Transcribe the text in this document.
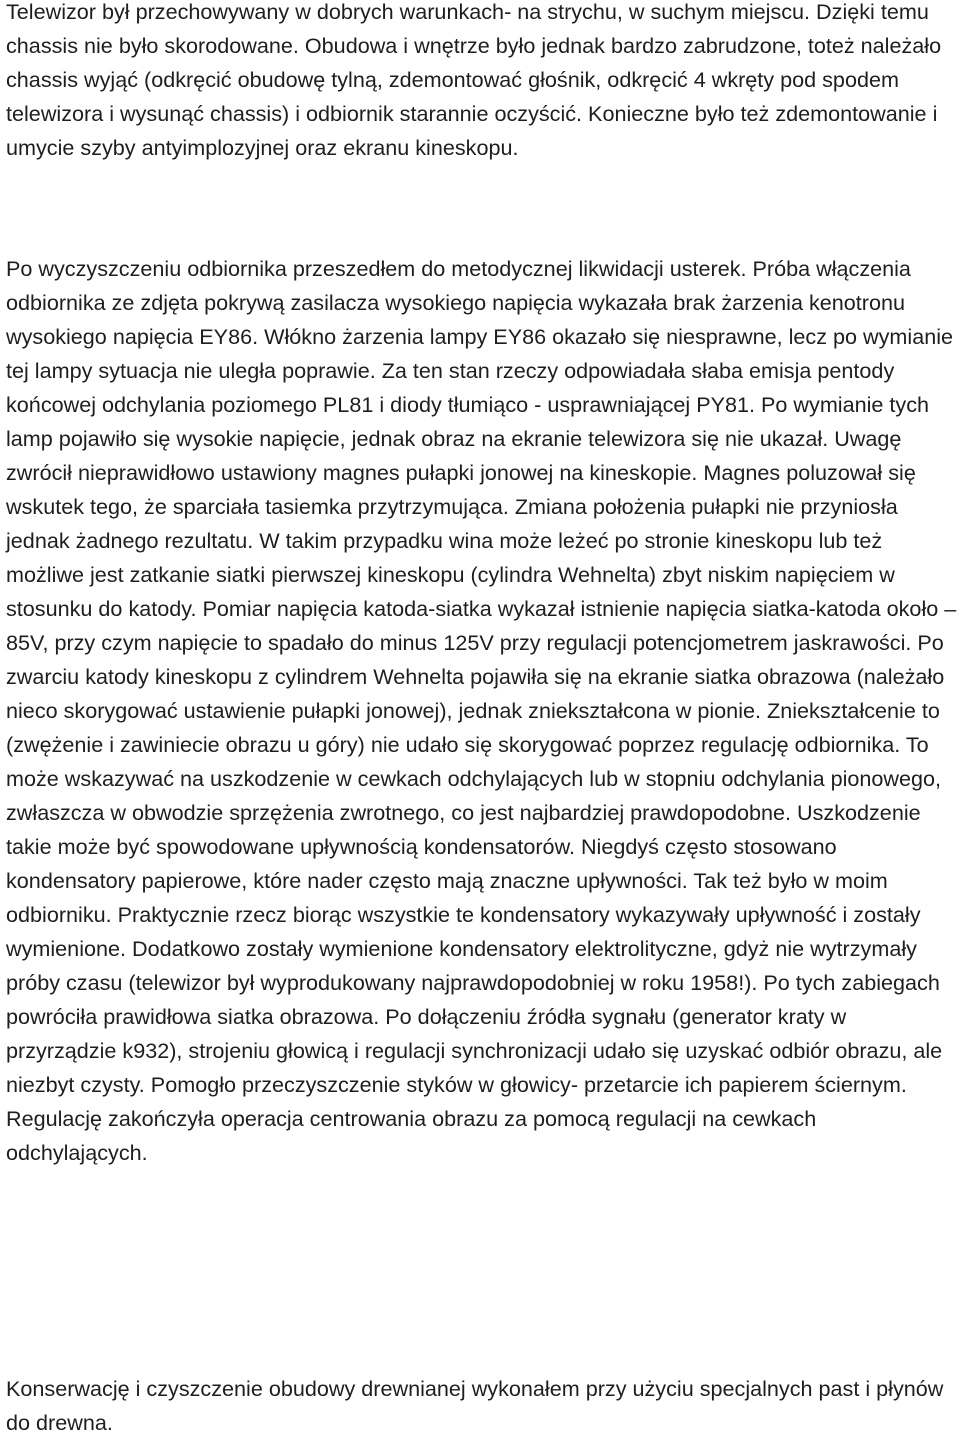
Telewizor był przechowywany w dobrych warunkach- na strychu, w suchym miejscu. Dzięki temu chassis nie było skorodowane. Obudowa i wnętrze było jednak bardzo zabrudzone, toteż należało chassis wyjąć (odkręcić obudowę tylną, zdemontować głośnik, odkręcić 4 wkręty pod spodem telewizora i wysunąć chassis) i odbiornik starannie oczyścić. Konieczne było też zdemontowanie i umycie szyby antyimplozyjnej oraz ekranu kineskopu.

Po wyczyszczeniu odbiornika przeszedłem do metodycznej likwidacji usterek. Próba włączenia odbiornika ze zdjęta pokrywą zasilacza wysokiego napięcia wykazała brak żarzenia kenotronu wysokiego napięcia EY86. Włókno żarzenia lampy EY86 okazało się niesprawne, lecz po wymianie tej lampy sytuacja nie uległa poprawie. Za ten stan rzeczy odpowiadała słaba emisja pentody końcowej odchylania poziomego PL81 i diody tłumiąco - usprawniającej PY81. Po wymianie tych lamp pojawiło się wysokie napięcie, jednak obraz na ekranie telewizora się nie ukazał. Uwagę zwrócił nieprawidłowo ustawiony magnes pułapki jonowej na kineskopie. Magnes poluzował się wskutek tego, że sparciała tasiemka przytrzymująca. Zmiana położenia pułapki nie przyniosła jednak żadnego rezultatu. W takim przypadku wina może leżeć po stronie kineskopu lub też możliwe jest zatkanie siatki pierwszej kineskopu (cylindra Wehnelta) zbyt niskim napięciem w stosunku do katody. Pomiar napięcia katoda-siatka wykazał istnienie napięcia siatka-katoda około –85V, przy czym napięcie to spadało do minus 125V przy regulacji potencjometrem jaskrawości. Po zwarciu katody kineskopu z cylindrem Wehnelta pojawiła się na ekranie siatka obrazowa (należało nieco skorygować ustawienie pułapki jonowej), jednak zniekształcona w pionie. Zniekształcenie to (zwężenie i zawiniecie obrazu u góry) nie udało się skorygować poprzez regulację odbiornika. To może wskazywać na uszkodzenie w cewkach odchylających lub w stopniu odchylania pionowego, zwłaszcza w obwodzie sprzężenia zwrotnego, co jest najbardziej prawdopodobne. Uszkodzenie takie może być spowodowane upływnością kondensatorów. Niegdyś często stosowano kondensatory papierowe, które nader często mają znaczne upływności. Tak też było w moim odbiorniku. Praktycznie rzecz biorąc wszystkie te kondensatory wykazywały upływność i zostały wymienione. Dodatkowo zostały wymienione kondensatory elektrolityczne, gdyż nie wytrzymały próby czasu (telewizor był wyprodukowany najprawdopodobniej w roku 1958!). Po tych zabiegach powróciła prawidłowa siatka obrazowa. Po dołączeniu źródła sygnału (generator kraty w przyrządzie k932), strojeniu głowicą i regulacji synchronizacji udało się uzyskać odbiór obrazu, ale niezbyt czysty. Pomogło przeczyszczenie styków w głowicy- przetarcie ich papierem ściernym. Regulację zakończyła operacja centrowania obrazu za pomocą regulacji na cewkach odchylających.

Konserwację i czyszczenie obudowy drewnianej wykonałem przy użyciu specjalnych past i płynów do drewna.
